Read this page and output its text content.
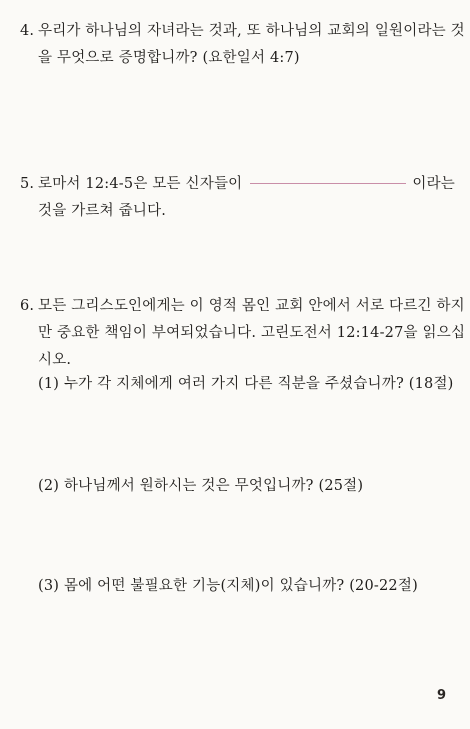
4. 우리가 하나님의 자녀라는 것과, 또 하나님의 교회의 일원이라는 것
을 무엇으로 증명합니까? (요한일서 4:7)
5. 로마서 12:4-5은 모든 신자들이	이라는
것을 가르쳐 줍니다.
6. 모든 그리스도인에게는 이 영적 몸인 교회 안에서 서로 다르긴 하지
만 중요한 책임이 부여되었습니다. 고린도전서 12:14-27을 읽으십
시오.
(1) 누가 각 지체에게 여러 가지 다른 직분을 주셨습니까? (18절)
(2) 하나님께서 원하시는 것은 무엇입니까? (25절)
(3) 몸에 어떤 불필요한 기능(지체)이 있습니까? (20-22절)
9
